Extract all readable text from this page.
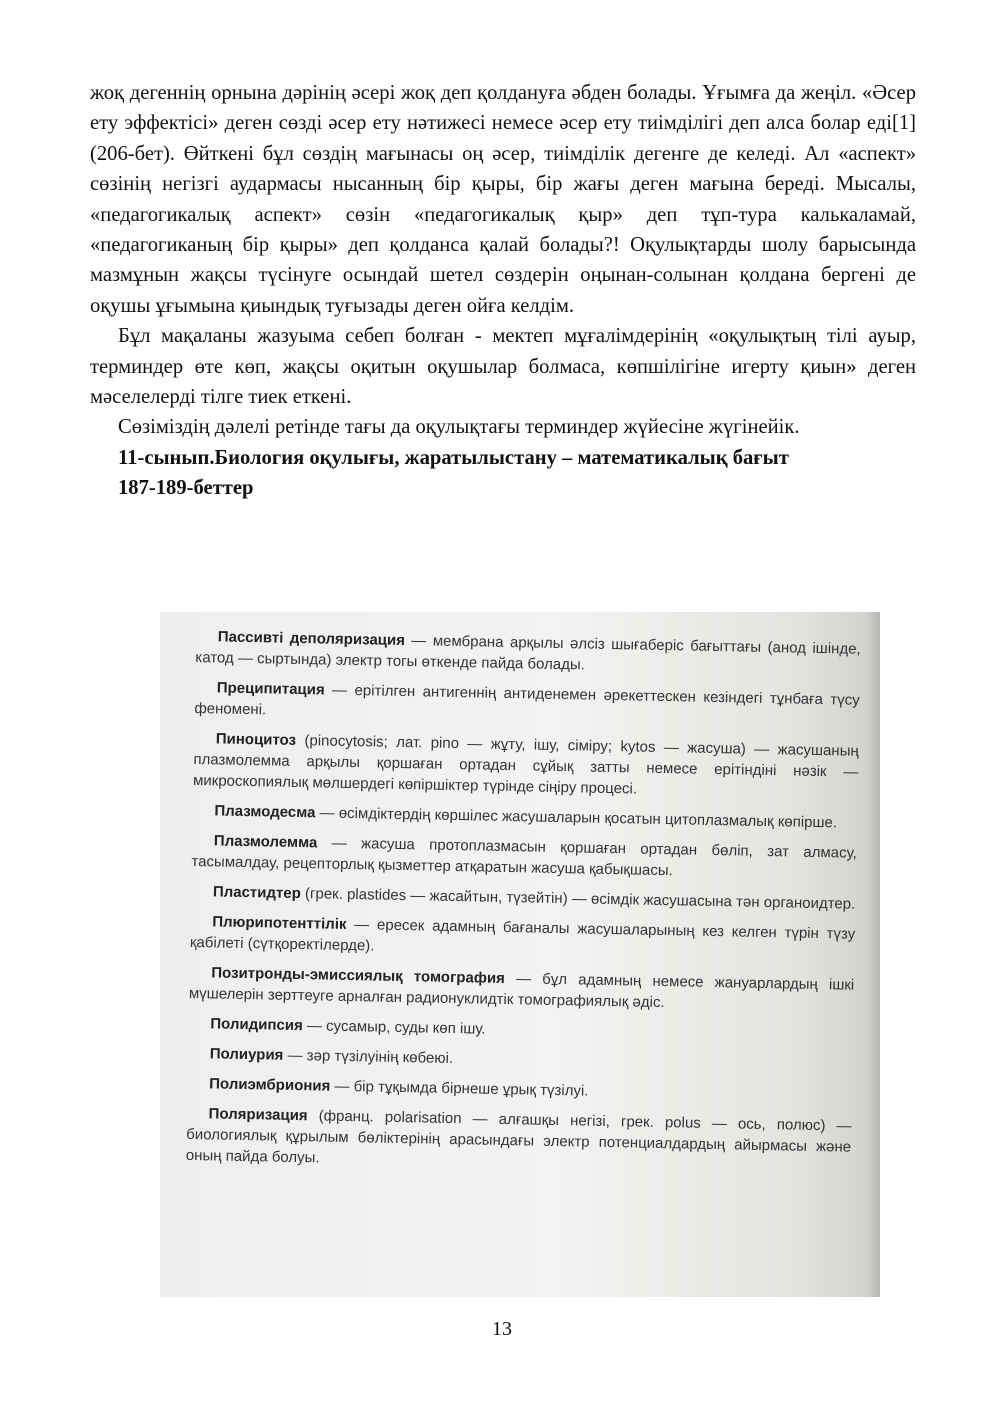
жоқ дегеннің орнына дәрінің әсері жоқ деп қолдануға әбден болады. Ұғымға да жеңіл. «Әсер ету эффектісі» деген сөзді әсер ету нәтижесі немесе әсер ету тиімділігі деп алса болар еді[1](206-бет). Өйткені бұл сөздің мағынасы оң әсер, тиімділік дегенге де келеді. Ал «аспект» сөзінің негізгі аудармасы нысанның бір қыры, бір жағы деген мағына береді. Мысалы, «педагогикалық аспект» сөзін «педагогикалық қыр» деп тұп-тура калькаламай, «педагогиканың бір қыры» деп қолданса қалай болады?! Оқулықтарды шолу барысында мазмұнын жақсы түсінуге осындай шетел сөздерін оңынан-солынан қолдана бергені де оқушы ұғымына қиындық туғызады деген ойға келдім.

Бұл мақаланы жазуыма себеп болған - мектеп мұғалімдерінің «оқулықтың тілі ауыр, терминдер өте көп, жақсы оқитын оқушылар болмаса, көпшілігіне игерту қиын» деген мәселелерді тілге тиек еткені.

Сөзіміздің дәлелі ретінде тағы да оқулықтағы терминдер жүйесіне жүгінейік.

11-сынып.Биология оқулығы, жаратылыстану – математикалық бағыт

187-189-беттер

Пассивті деполяризация — мембрана арқылы әлсіз шығаберіс бағыттағы (анод ішінде, катод — сыртында) электр тогы өткенде пайда болады.

Преципитация — ерітілген антигеннің антиденемен әрекеттескен кезіндегі тұнбаға түсу феномені.

Пиноцитоз (pinocytosis; лат. pino — жұту, ішу, сіміру; kytos — жасуша) — жасушаның плазмолемма арқылы қоршаған ортадан сұйық затты немесе ерітіндіні нәзік — микроскопиялық мөлшердегі көпіршіктер түрінде сіңіру процесі.

Плазмодесма — өсімдіктердің көршілес жасушаларын қосатын цитоплазмалық көпірше.

Плазмолемма — жасуша протоплазмасын қоршаған ортадан бөліп, зат алмасу, тасымалдау, рецепторлық қызметтер атқаратын жасуша қабықшасы.

Пластидтер (грек. plastides — жасайтын, түзейтін) — өсімдік жасушасына тән органоидтер.

Плюрипотенттілік — ересек адамның бағаналы жасушаларының кез келген түрін түзу қабілеті (сүтқоректілерде).

Позитронды-эмиссиялық томография — бұл адамның немесе жануарлардың ішкі мүшелерін зерттеуге арналған радионуклидтік томографиялық әдіс.

Полидипсия — сусамыр, суды көп ішу.

Полиурия — зәр түзілуінің көбеюі.

Полиэмбриония — бір тұқымда бірнеше ұрық түзілуі.

Поляризация (франц. polarisation — алғашқы негізі, грек. polus — ось, полюс) — биологиялық құрылым бөліктерінің арасындағы электр потенциалдардың айырмасы және оның пайда болуы.

13
